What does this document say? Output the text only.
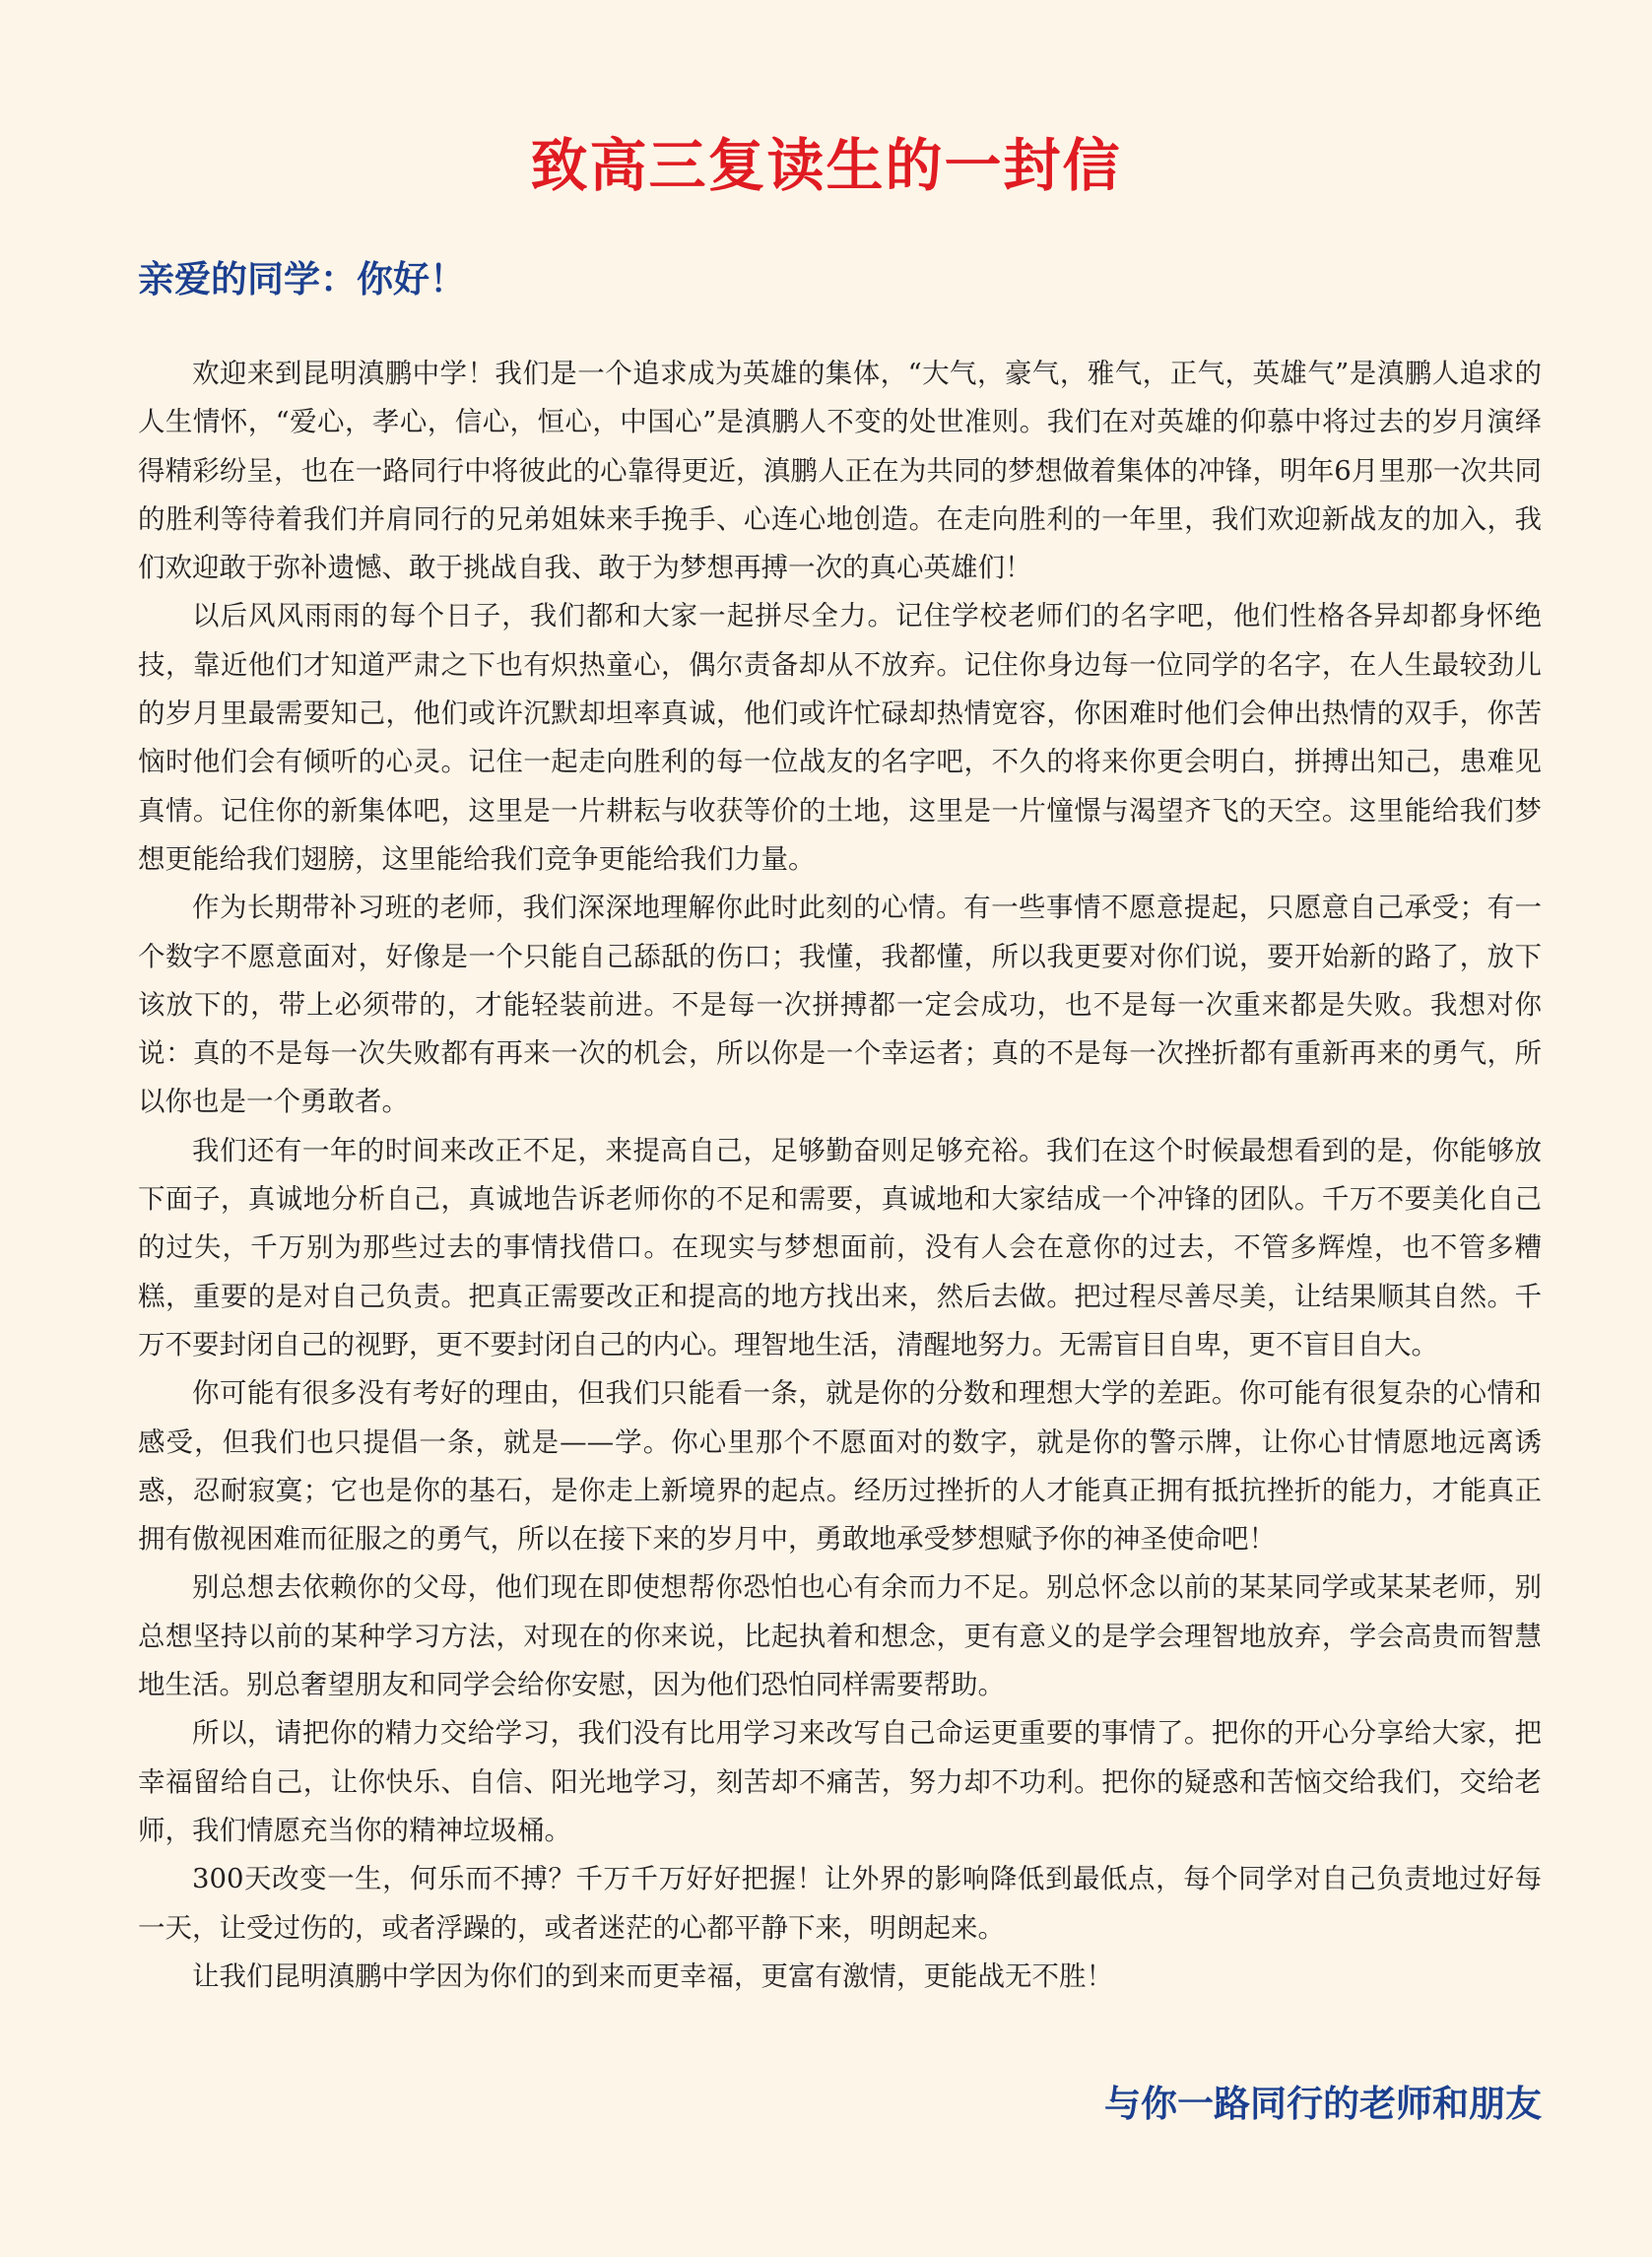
致高三复读生的一封信
亲爱的同学：你好！

欢迎来到昆明滇鹏中学！我们是一个追求成为英雄的集体，“大气，豪气，雅气，正气，英雄气”是滇鹏人追求的人生情怀，“爱心，孝心，信心，恒心，中国心”是滇鹏人不变的处世准则。我们在对英雄的仰慕中将过去的岁月演绎得精彩纷呈，也在一路同行中将彼此的心靠得更近，滇鹏人正在为共同的梦想做着集体的冲锋，明年6月里那一次共同的胜利等待着我们并肩同行的兄弟姐妹来手挽手、心连心地创造。在走向胜利的一年里，我们欢迎新战友的加入，我们欢迎敢于弥补遗憾、敢于挑战自我、敢于为梦想再搏一次的真心英雄们！

以后风风雨雨的每个日子，我们都和大家一起拼尽全力。记住学校老师们的名字吧，他们性格各异却都身怀绝技，靠近他们才知道严肃之下也有炽热童心，偶尔责备却从不放弃。记住你身边每一位同学的名字，在人生最较劲儿的岁月里最需要知己，他们或许沉默却坦率真诚，他们或许忙碌却热情宽容，你困难时他们会伸出热情的双手，你苦恼时他们会有倾听的心灵。记住一起走向胜利的每一位战友的名字吧，不久的将来你更会明白，拼搏出知己，患难见真情。记住你的新集体吧，这里是一片耕耘与收获等价的土地，这里是一片憧憬与渴望齐飞的天空。这里能给我们梦想更能给我们翅膀，这里能给我们竞争更能给我们力量。

作为长期带补习班的老师，我们深深地理解你此时此刻的心情。有一些事情不愿意提起，只愿意自己承受；有一个数字不愿意面对，好像是一个只能自己舔舐的伤口；我懂，我都懂，所以我更要对你们说，要开始新的路了，放下该放下的，带上必须带的，才能轻装前进。不是每一次拼搏都一定会成功，也不是每一次重来都是失败。我想对你说：真的不是每一次失败都有再来一次的机会，所以你是一个幸运者；真的不是每一次挫折都有重新再来的勇气，所以你也是一个勇敢者。

我们还有一年的时间来改正不足，来提高自己，足够勤奋则足够充裕。我们在这个时候最想看到的是，你能够放下面子，真诚地分析自己，真诚地告诉老师你的不足和需要，真诚地和大家结成一个冲锋的团队。千万不要美化自己的过失，千万别为那些过去的事情找借口。在现实与梦想面前，没有人会在意你的过去，不管多辉煌，也不管多糟糕，重要的是对自己负责。把真正需要改正和提高的地方找出来，然后去做。把过程尽善尽美，让结果顺其自然。千万不要封闭自己的视野，更不要封闭自己的内心。理智地生活，清醒地努力。无需盲目自卑，更不盲目自大。

你可能有很多没有考好的理由，但我们只能看一条，就是你的分数和理想大学的差距。你可能有很复杂的心情和感受，但我们也只提倡一条，就是——学。你心里那个不愿面对的数字，就是你的警示牌，让你心甘情愿地远离诱惑，忍耐寂寞；它也是你的基石，是你走上新境界的起点。经历过挫折的人才能真正拥有抵抗挫折的能力，才能真正拥有傲视困难而征服之的勇气，所以在接下来的岁月中，勇敢地承受梦想赋予你的神圣使命吧！

别总想去依赖你的父母，他们现在即使想帮你恐怕也心有余而力不足。别总怀念以前的某某同学或某某老师，别总想坚持以前的某种学习方法，对现在的你来说，比起执着和想念，更有意义的是学会理智地放弃，学会高贵而智慧地生活。别总奢望朋友和同学会给你安慰，因为他们恐怕同样需要帮助。

所以，请把你的精力交给学习，我们没有比用学习来改写自己命运更重要的事情了。把你的开心分享给大家，把幸福留给自己，让你快乐、自信、阳光地学习，刻苦却不痛苦，努力却不功利。把你的疑惑和苦恼交给我们，交给老师，我们情愿充当你的精神垃圾桶。

300天改变一生，何乐而不搏？千万千万好好把握！让外界的影响降低到最低点，每个同学对自己负责地过好每一天，让受过伤的，或者浮躁的，或者迷茫的心都平静下来，明朗起来。

让我们昆明滇鹏中学因为你们的到来而更幸福，更富有激情，更能战无不胜！

与你一路同行的老师和朋友
